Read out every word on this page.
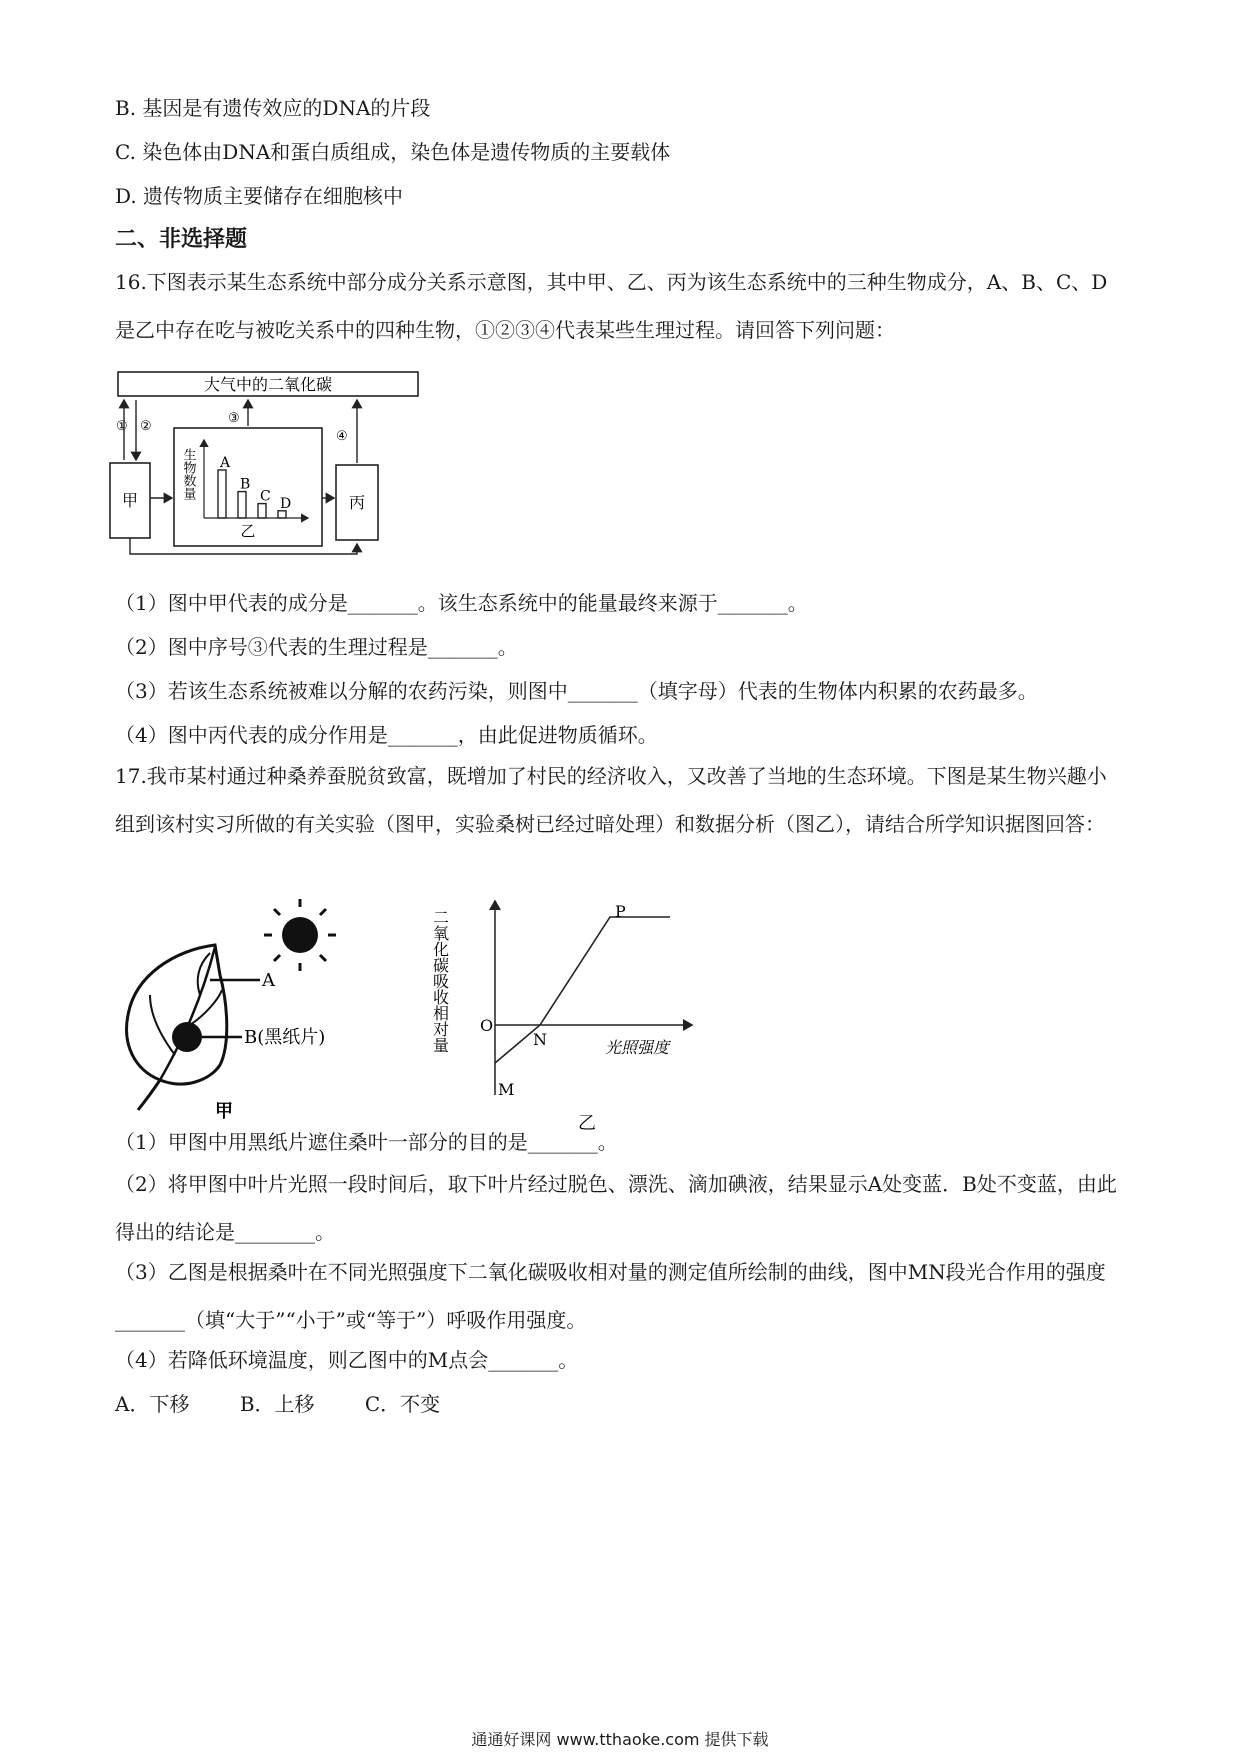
B. 基因是有遗传效应的DNA的片段
C. 染色体由DNA和蛋白质组成，染色体是遗传物质的主要载体
D. 遗传物质主要储存在细胞核中
二、非选择题
16.下图表示某生态系统中部分成分关系示意图，其中甲、乙、丙为该生态系统中的三种生物成分，A、B、C、D是乙中存在吃与被吃关系中的四种生物，①②③④代表某些生理过程。请回答下列问题：
大气中的二氧化碳
甲	丙
① ②
③
④
生物数量
乙
A
B
C D
（1）图中甲代表的成分是_______。该生态系统中的能量最终来源于_______。
（2）图中序号③代表的生理过程是_______。
（3）若该生态系统被难以分解的农药污染，则图中_______（填字母）代表的生物体内积累的农药最多。
（4）图中丙代表的成分作用是_______，由此促进物质循环。
17.我市某村通过种桑养蚕脱贫致富，既增加了村民的经济收入，又改善了当地的生态环境。下图是某生物兴趣小组到该村实习所做的有关实验（图甲，实验桑树已经过暗处理）和数据分析（图乙），请结合所学知识据图回答：
A
B(黑纸片)
甲
二氧化碳吸收相对量 O
光照强度
M
N
P
乙
（1）甲图中用黑纸片遮住桑叶一部分的目的是_______。
（2）将甲图中叶片光照一段时间后，取下叶片经过脱色、漂洗、滴加碘液，结果显示A处变蓝．B处不变蓝，由此得出的结论是________。
（3）乙图是根据桑叶在不同光照强度下二氧化碳吸收相对量的测定值所绘制的曲线，图中MN段光合作用的强度_______（填“大于”“小于”或“等于”）呼吸作用强度。
（4）若降低环境温度，则乙图中的M点会_______。
A．下移	B．上移	C．不变
通通好课网 www.tthaoke.com 提供下载
